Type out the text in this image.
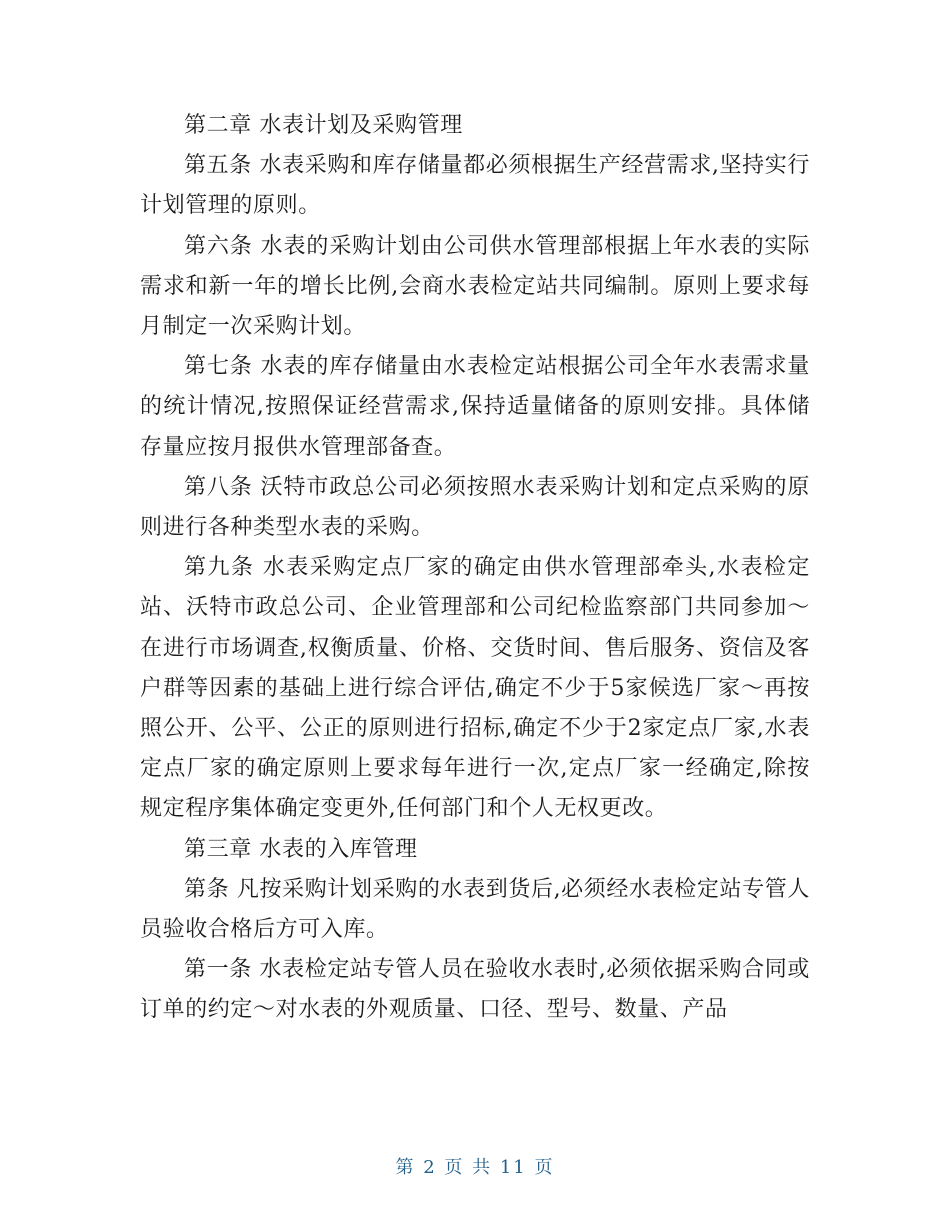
第二章 水表计划及采购管理

第五条 水表采购和库存储量都必须根据生产经营需求,坚持实行计划管理的原则。

第六条 水表的采购计划由公司供水管理部根据上年水表的实际需求和新一年的增长比例,会商水表检定站共同编制。原则上要求每月制定一次采购计划。

第七条 水表的库存储量由水表检定站根据公司全年水表需求量的统计情况,按照保证经营需求,保持适量储备的原则安排。具体储存量应按月报供水管理部备查。

第八条 沃特市政总公司必须按照水表采购计划和定点采购的原则进行各种类型水表的采购。

第九条 水表采购定点厂家的确定由供水管理部牵头,水表检定站、沃特市政总公司、企业管理部和公司纪检监察部门共同参加～在进行市场调查,权衡质量、价格、交货时间、售后服务、资信及客户群等因素的基础上进行综合评估,确定不少于5家候选厂家～再按照公开、公平、公正的原则进行招标,确定不少于2家定点厂家,水表定点厂家的确定原则上要求每年进行一次,定点厂家一经确定,除按规定程序集体确定变更外,任何部门和个人无权更改。

第三章 水表的入库管理

第条 凡按采购计划采购的水表到货后,必须经水表检定站专管人员验收合格后方可入库。

第一条 水表检定站专管人员在验收水表时,必须依据采购合同或订单的约定～对水表的外观质量、口径、型号、数量、产品

第 2 页 共 11 页
